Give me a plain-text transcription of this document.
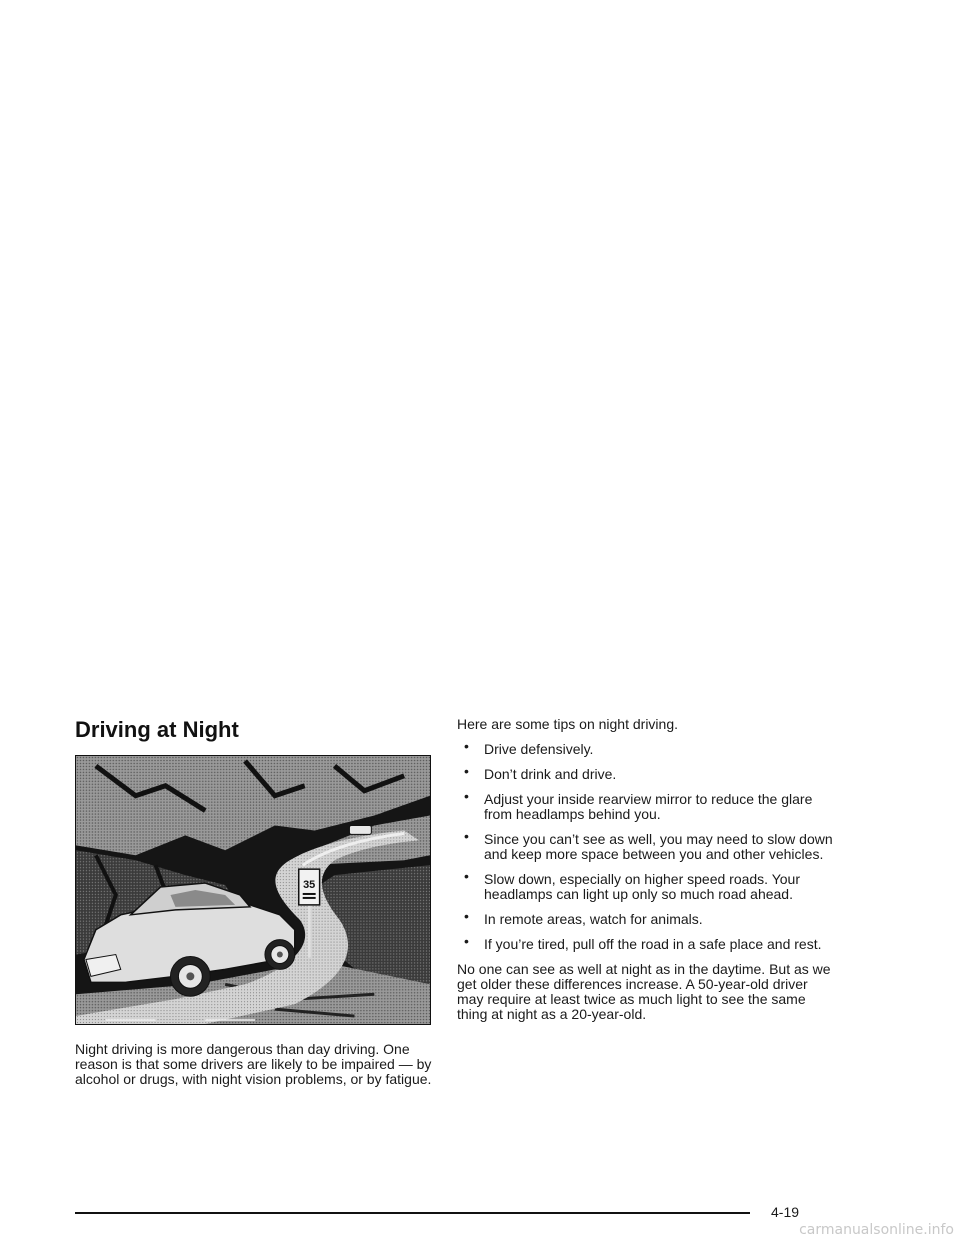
Driving at Night
35

Night driving is more dangerous than day driving. One reason is that some drivers are likely to be impaired — by alcohol or drugs, with night vision problems, or by fatigue.

Here are some tips on night driving.

• Drive defensively.
• Don’t drink and drive.
• Adjust your inside rearview mirror to reduce the glare from headlamps behind you.
• Since you can’t see as well, you may need to slow down and keep more space between you and other vehicles.
• Slow down, especially on higher speed roads. Your headlamps can light up only so much road ahead.
• In remote areas, watch for animals.
• If you’re tired, pull off the road in a safe place and rest.

No one can see as well at night as in the daytime. But as we get older these differences increase. A 50-year-old driver may require at least twice as much light to see the same thing at night as a 20-year-old.

4-19
carmanualsonline.info
